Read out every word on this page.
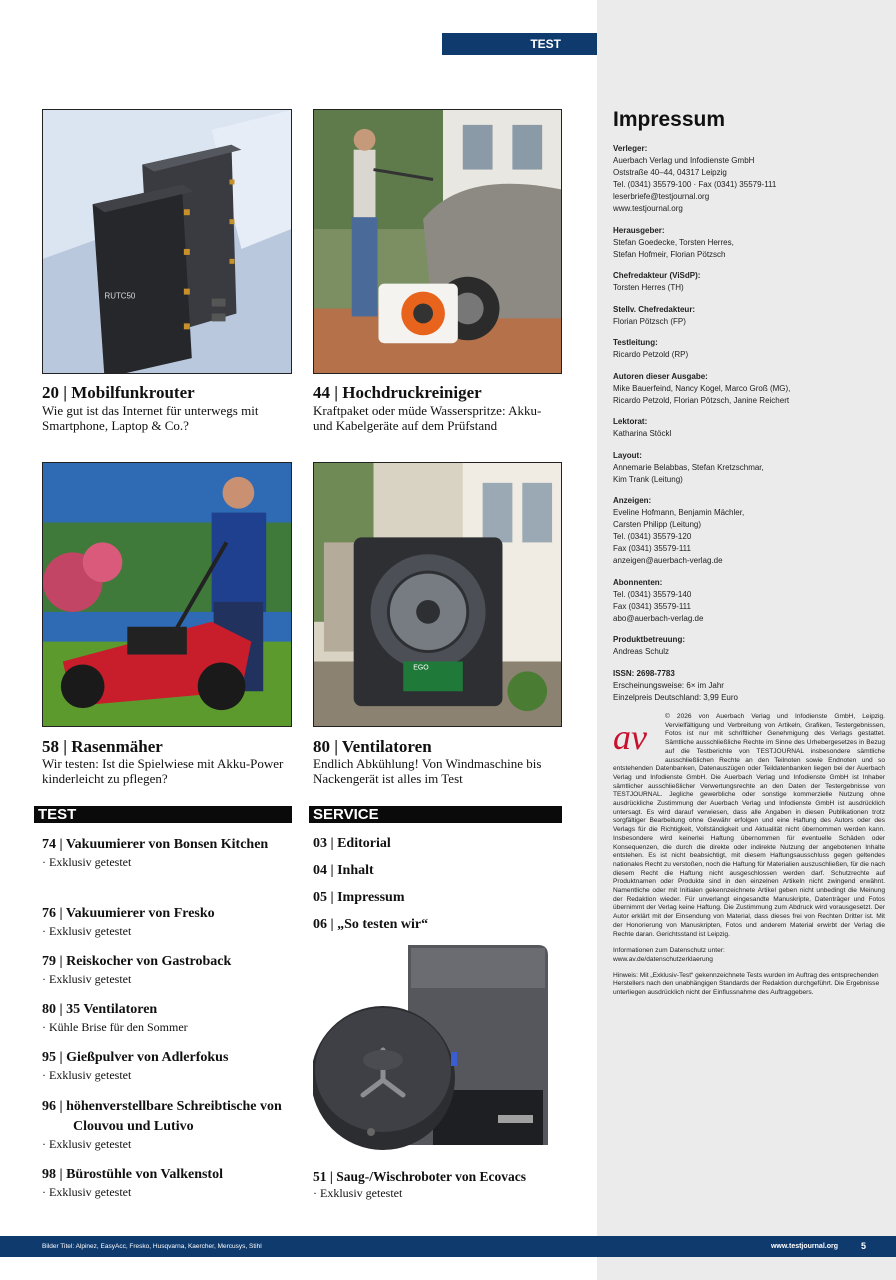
TEST
RUTC50

20 | Mobilfunkrouter

Wie gut ist das Internet für unterwegs mit Smartphone, Laptop & Co.?

44 | Hochdruckreiniger

Kraftpaket oder müde Wasserspritze: Akku- und Kabelgeräte auf dem Prüfstand

58 | Rasenmäher

Wir testen: Ist die Spielwiese mit Akku-Power kinderleicht zu pflegen?

EGO

80 | Ventilatoren

Endlich Abkühlung! Von Windmaschine bis Nackengerät ist alles im Test

TEST	SERVICE

74 | Vakuumierer von Bonsen Kitchen

· Exklusiv getestet

76 | Vakuumierer von Fresko

· Exklusiv getestet

79 | Reiskocher von Gastroback

· Exklusiv getestet

80 | 35 Ventilatoren

· Kühle Brise für den Sommer

95 | Gießpulver von Adlerfokus

· Exklusiv getestet

96 | höhenverstellbare Schreibtische von Clouvou und Lutivo

· Exklusiv getestet

98 | Bürostühle von Valkenstol

· Exklusiv getestet

03 | Editorial

04 | Inhalt

05 | Impressum

06 | „So testen wir“

51 | Saug-/Wischroboter von Ecovacs

· Exklusiv getestet

Impressum
Verleger:
Auerbach Verlag und Infodienste GmbH
Oststraße 40–44, 04317 Leipzig
Tel. (0341) 35579-100 · Fax (0341) 35579-111
leserbriefe@testjournal.org
www.testjournal.org
Herausgeber:
Stefan Goedecke, Torsten Herres,
Stefan Hofmeir, Florian Pötzsch
Chefredakteur (ViSdP):
Torsten Herres (TH)
Stellv. Chefredakteur:
Florian Pötzsch (FP)
Testleitung:
Ricardo Petzold (RP)
Autoren dieser Ausgabe:
Mike Bauerfeind, Nancy Kogel, Marco Groß (MG),
Ricardo Petzold, Florian Pötzsch, Janine Reichert
Lektorat:
Katharina Stöckl
Layout:
Annemarie Belabbas, Stefan Kretzschmar,
Kim Trank (Leitung)
Anzeigen:
Eveline Hofmann, Benjamin Mächler,
Carsten Philipp (Leitung)
Tel. (0341) 35579-120
Fax (0341) 35579-111
anzeigen@auerbach-verlag.de
Abonnenten:
Tel. (0341) 35579-140
Fax (0341) 35579-111
abo@auerbach-verlag.de
Produktbetreuung:
Andreas Schulz
ISSN: 2698-7783
Erscheinungsweise: 6× im Jahr
Einzelpreis Deutschland: 3,99 Euro
av

© 2026 von Auerbach Verlag und Infodienste GmbH, Leipzig. Vervielfältigung und Verbreitung von Artikeln, Grafiken, Testergebnissen, Fotos ist nur mit schriftlicher Genehmigung des Verlags gestattet. Sämtliche ausschließliche Rechte im Sinne des Urhebergesetzes in Bezug auf die Testberichte von TESTJOURNAL insbesondere sämtliche ausschließlichen Rechte an den Teilnoten sowie Endnoten und so entstehenden Datenbanken, Datenauszügen oder Teildatenbanken liegen bei der Auerbach Verlag und Infodienste GmbH. Die Auerbach Verlag und Infodienste GmbH ist Inhaber sämtlicher ausschließlicher Verwertungsrechte an den Daten der Testergebnisse von TESTJOURNAL. Jegliche gewerbliche oder sonstige kommerzielle Nutzung ohne ausdrückliche Zustimmung der Auerbach Verlag und Infodienste GmbH ist ausdrücklich untersagt. Es wird darauf verwiesen, dass alle Angaben in diesen Publikationen trotz sorgfältiger Bearbeitung ohne Gewähr erfolgen und eine Haftung des Autors oder des Verlags für die Richtigkeit, Vollständigkeit und Aktualität nicht übernommen werden kann. Insbesondere wird keinerlei Haftung übernommen für eventuelle Schäden oder Konsequenzen, die durch die direkte oder indirekte Nutzung der angebotenen Inhalte entstehen. Es ist nicht beabsichtigt, mit diesem Haftungsausschluss gegen geltendes nationales Recht zu verstoßen, noch die Haftung für Materialien auszuschließen, für die nach diesem Recht die Haftung nicht ausgeschlossen werden darf. Schutzrechte auf Produktnamen oder Produkte sind in den einzelnen Artikeln nicht zwingend erwähnt. Namentliche oder mit Initialen gekennzeichnete Artikel geben nicht unbedingt die Meinung der Redaktion wieder. Für unverlangt eingesandte Manuskripte, Datenträger und Fotos übernimmt der Verlag keine Haftung. Die Zustimmung zum Abdruck wird vorausgesetzt. Der Autor erklärt mit der Einsendung von Material, dass dieses frei von Rechten Dritter ist. Mit der Honorierung von Manuskripten, Fotos und anderem Material erwirbt der Verlag die Rechte daran. Gerichtsstand ist Leipzig.

Informationen zum Datenschutz unter:
www.av.de/datenschutzerklaerung

Hinweis: Mit „Exklusiv-Test“ gekennzeichnete Tests wurden im Auftrag des entsprechenden Herstellers nach den unabhängigen Standards der Redaktion durchgeführt. Die Ergebnisse unterliegen ausdrücklich nicht der Einflussnahme des Auftraggebers.

Bilder Titel: Alpinez, EasyAcc, Fresko, Husqvarna, Kaercher, Mercusys, Stihl	www.testjournal.org	5
